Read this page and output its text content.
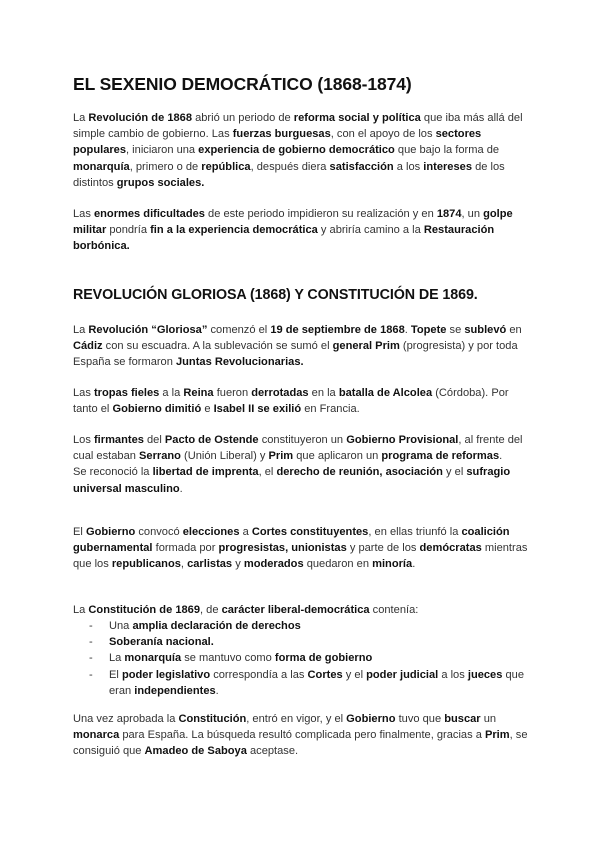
EL SEXENIO DEMOCRÁTICO (1868-1874)

La Revolución de 1868 abrió un periodo de reforma social y política que iba más allá del simple cambio de gobierno. Las fuerzas burguesas, con el apoyo de los sectores populares, iniciaron una experiencia de gobierno democrático que bajo la forma de monarquía, primero o de república, después diera satisfacción a los intereses de los distintos grupos sociales.

Las enormes dificultades de este periodo impidieron su realización y en 1874, un golpe militar pondría fin a la experiencia democrática y abriría camino a la Restauración borbónica.

REVOLUCIÓN GLORIOSA (1868) Y CONSTITUCIÓN DE 1869.

La Revolución “Gloriosa” comenzó el 19 de septiembre de 1868. Topete se sublevó en Cádiz con su escuadra. A la sublevación se sumó el general Prim (progresista) y por toda España se formaron Juntas Revolucionarias.

Las tropas fieles a la Reina fueron derrotadas en la batalla de Alcolea (Córdoba). Por tanto el Gobierno dimitió e Isabel II se exilió en Francia.

Los firmantes del Pacto de Ostende constituyeron un Gobierno Provisional, al frente del cual estaban Serrano (Unión Liberal) y Prim que aplicaron un programa de reformas.
Se reconoció la libertad de imprenta, el derecho de reunión, asociación y el sufragio universal masculino.

El Gobierno convocó elecciones a Cortes constituyentes, en ellas triunfó la coalición gubernamental formada por progresistas, unionistas y parte de los demócratas mientras que los republicanos, carlistas y moderados quedaron en minoría.

La Constitución de 1869, de carácter liberal-democrática contenía:

- Una amplia declaración de derechos
- Soberanía nacional.
- La monarquía se mantuvo como forma de gobierno
- El poder legislativo correspondía a las Cortes y el poder judicial a los jueces que eran independientes.

Una vez aprobada la Constitución, entró en vigor, y el Gobierno tuvo que buscar un monarca para España. La búsqueda resultó complicada pero finalmente, gracias a Prim, se consiguió que Amadeo de Saboya aceptase.
